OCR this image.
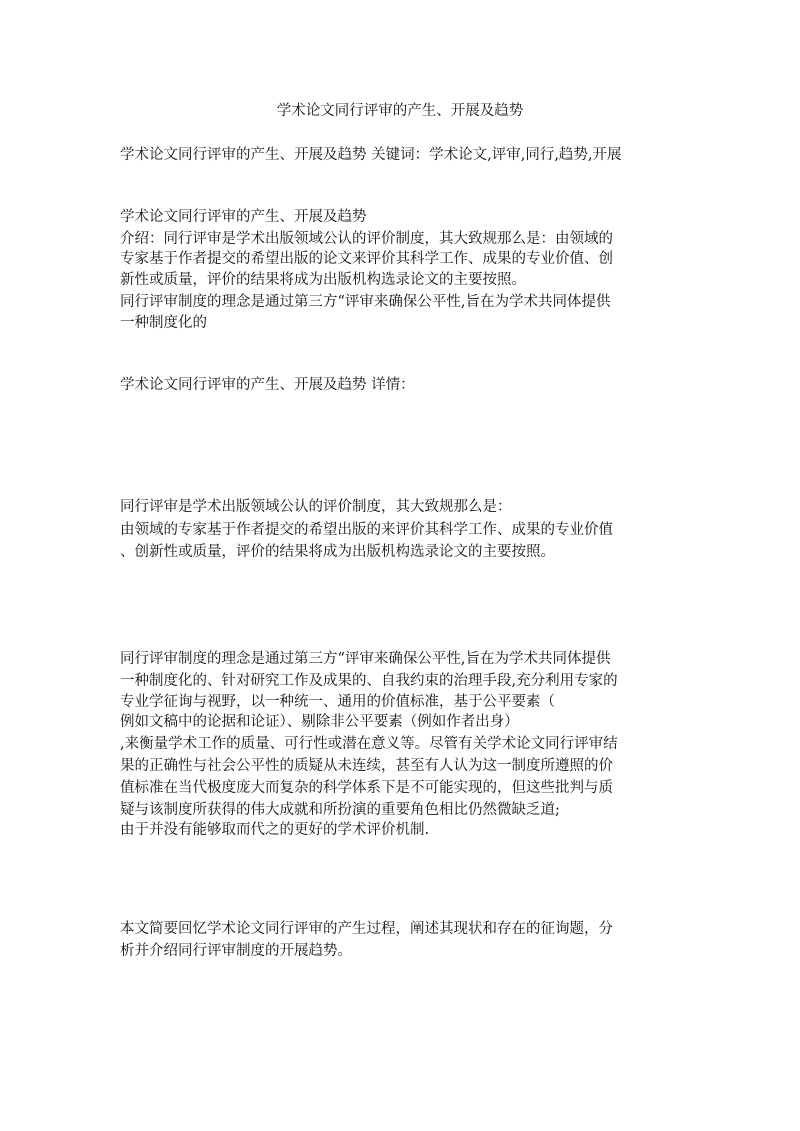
学术论文同行评审的产生、开展及趋势
学术论文同行评审的产生、开展及趋势 关键词：学术论文,评审,同行,趋势,开展
学术论文同行评审的产生、开展及趋势
介绍：同行评审是学术出版领域公认的评价制度，其大致规那么是：由领域的
专家基于作者提交的希望出版的论文来评价其科学工作、成果的专业价值、创
新性或质量，评价的结果将成为出版机构选录论文的主要按照。
同行评审制度的理念是通过第三方“评审来确保公平性,旨在为学术共同体提供
一种制度化的
学术论文同行评审的产生、开展及趋势 详情：
同行评审是学术出版领域公认的评价制度，其大致规那么是：
由领域的专家基于作者提交的希望出版的来评价其科学工作、成果的专业价值
、创新性或质量，评价的结果将成为出版机构选录论文的主要按照。
同行评审制度的理念是通过第三方“评审来确保公平性,旨在为学术共同体提供
一种制度化的、针对研究工作及成果的、自我约束的治理手段,充分利用专家的
专业学征询与视野，以一种统一、通用的价值标准，基于公平要素（
例如文稿中的论据和论证）、剔除非公平要素（例如作者出身）
,来衡量学术工作的质量、可行性或潜在意义等。尽管有关学术论文同行评审结
果的正确性与社会公平性的质疑从未连续，甚至有人认为这一制度所遵照的价
值标准在当代极度庞大而复杂的科学体系下是不可能实现的，但这些批判与质
疑与该制度所获得的伟大成就和所扮演的重要角色相比仍然微缺乏道;
由于并没有能够取而代之的更好的学术评价机制.
本文简要回忆学术论文同行评审的产生过程，阐述其现状和存在的征询题，分
析并介绍同行评审制度的开展趋势。
